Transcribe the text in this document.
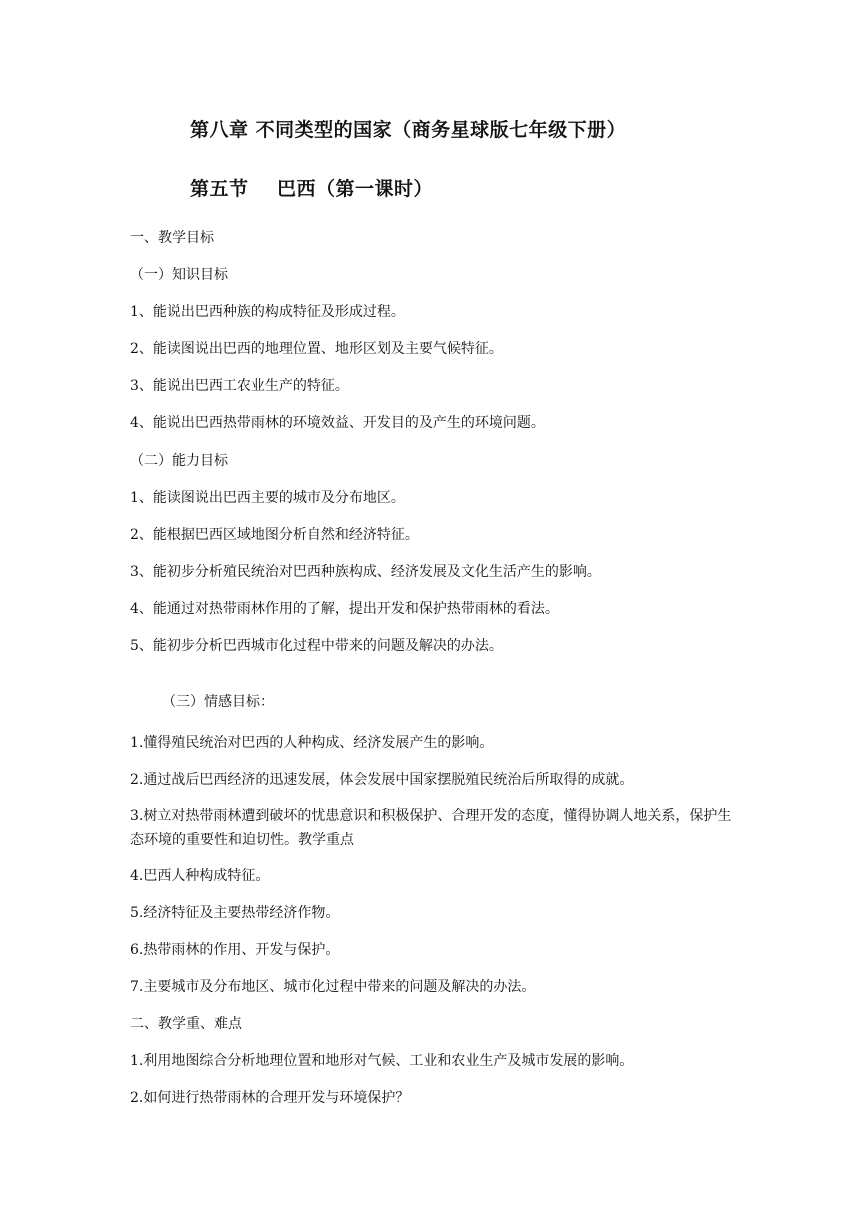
第八章 不同类型的国家（商务星球版七年级下册）
第五节    巴西（第一课时）
一、教学目标
（一）知识目标
1、能说出巴西种族的构成特征及形成过程。
2、能读图说出巴西的地理位置、地形区划及主要气候特征。
3、能说出巴西工农业生产的特征。
4、能说出巴西热带雨林的环境效益、开发目的及产生的环境问题。
（二）能力目标
1、能读图说出巴西主要的城市及分布地区。
2、能根据巴西区域地图分析自然和经济特征。
3、能初步分析殖民统治对巴西种族构成、经济发展及文化生活产生的影响。
4、能通过对热带雨林作用的了解，提出开发和保护热带雨林的看法。
5、能初步分析巴西城市化过程中带来的问题及解决的办法。
（三）情感目标：
1.懂得殖民统治对巴西的人种构成、经济发展产生的影响。
2.通过战后巴西经济的迅速发展，体会发展中国家摆脱殖民统治后所取得的成就。
3.树立对热带雨林遭到破坏的忧患意识和积极保护、合理开发的态度，懂得协调人地关系，保护生态环境的重要性和迫切性。教学重点
4.巴西人种构成特征。
5.经济特征及主要热带经济作物。
6.热带雨林的作用、开发与保护。
7.主要城市及分布地区、城市化过程中带来的问题及解决的办法。
二、教学重、难点
1.利用地图综合分析地理位置和地形对气候、工业和农业生产及城市发展的影响。
2.如何进行热带雨林的合理开发与环境保护？
